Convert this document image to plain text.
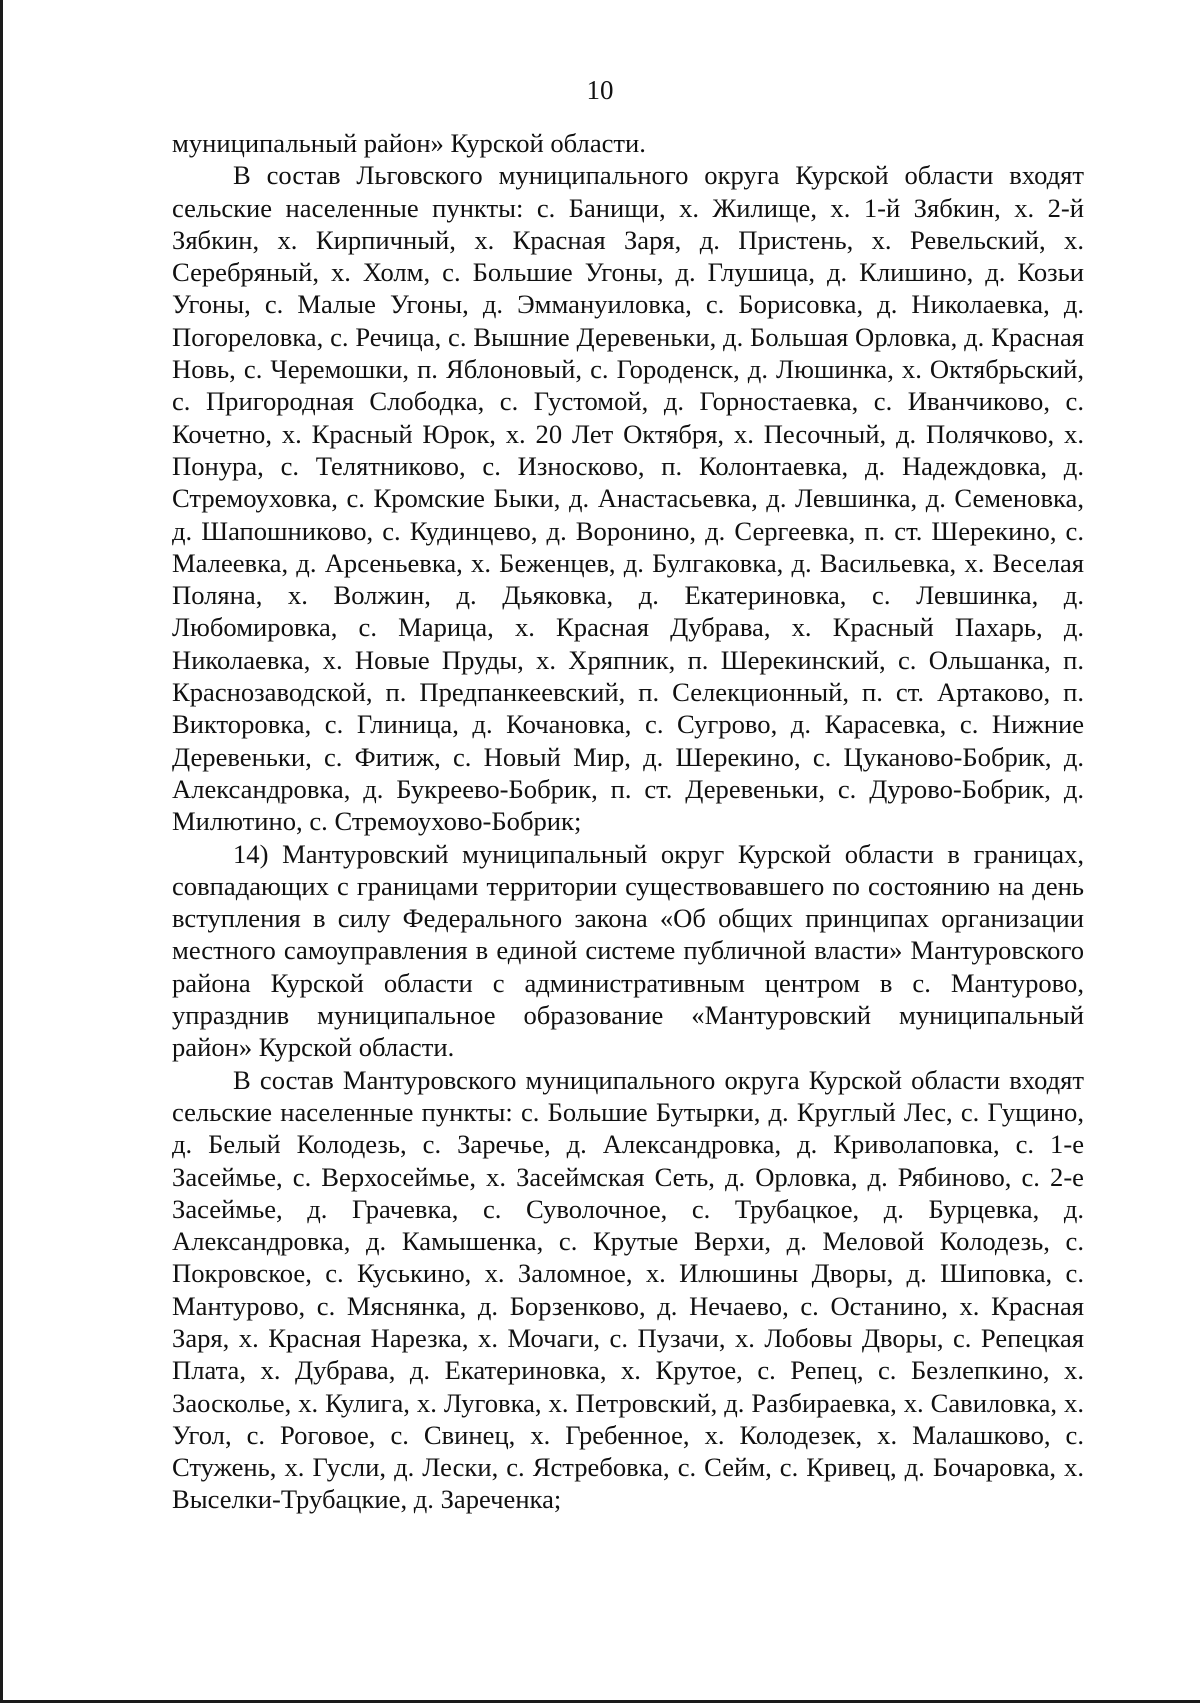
10

муниципальный район» Курской области.

В состав Льговского муниципального округа Курской области входят сельские населенные пункты: с. Банищи, х. Жилище, х. 1-й Зябкин, х. 2-й Зябкин, х. Кирпичный, х. Красная Заря, д. Пристень, х. Ревельский, х. Серебряный, х. Холм, с. Большие Угоны, д. Глушица, д. Клишино, д. Козьи Угоны, с. Малые Угоны, д. Эммануиловка, с. Борисовка, д. Николаевка, д. Погореловка, с. Речица, с. Вышние Деревеньки, д. Большая Орловка, д. Красная Новь, с. Черемошки, п. Яблоновый, с. Городенск, д. Люшинка, х. Октябрьский, с. Пригородная Слободка, с. Густомой, д. Горностаевка, с. Иванчиково, с. Кочетно, х. Красный Юрок, х. 20 Лет Октября, х. Песочный, д. Полячково, х. Понура, с. Телятниково, с. Износково, п. Колонтаевка, д. Надеждовка, д. Стремоуховка, с. Кромские Быки, д. Анастасьевка, д. Левшинка, д. Семеновка, д. Шапошниково, с. Кудинцево, д. Воронино, д. Сергеевка, п. ст. Шерекино, с. Малеевка, д. Арсеньевка, х. Беженцев, д. Булгаковка, д. Васильевка, х. Веселая Поляна, х. Волжин, д. Дьяковка, д. Екатериновка, с. Левшинка, д. Любомировка, с. Марица, х. Красная Дубрава, х. Красный Пахарь, д. Николаевка, х. Новые Пруды, х. Хряпник, п. Шерекинский, с. Ольшанка, п. Краснозаводской, п. Предпанкеевский, п. Селекционный, п. ст. Артаково, п. Викторовка, с. Глиница, д. Кочановка, с. Сугрово, д. Карасевка, с. Нижние Деревеньки, с. Фитиж, с. Новый Мир, д. Шерекино, с. Цуканово-Бобрик, д. Александровка, д. Букреево-Бобрик, п. ст. Деревеньки, с. Дурово-Бобрик, д. Милютино, с. Стремоухово-Бобрик;

14) Мантуровский муниципальный округ Курской области в границах, совпадающих с границами территории существовавшего по состоянию на день вступления в силу Федерального закона «Об общих принципах организации местного самоуправления в единой системе публичной власти» Мантуровского района Курской области с административным центром в с. Мантурово, упразднив муниципальное образование «Мантуровский муниципальный район» Курской области.

В состав Мантуровского муниципального округа Курской области входят сельские населенные пункты: с. Большие Бутырки, д. Круглый Лес, с. Гущино, д. Белый Колодезь, с. Заречье, д. Александровка, д. Криволаповка, с. 1-е Засеймье, с. Верхосеймье, х. Засеймская Сеть, д. Орловка, д. Рябиново, с. 2-е Засеймье, д. Грачевка, с. Суволочное, с. Трубацкое, д. Бурцевка, д. Александровка, д. Камышенка, с. Крутые Верхи, д. Меловой Колодезь, с. Покровское, с. Куськино, х. Заломное, х. Илюшины Дворы, д. Шиповка, с. Мантурово, с. Мяснянка, д. Борзенково, д. Нечаево, с. Останино, х. Красная Заря, х. Красная Нарезка, х. Мочаги, с. Пузачи, х. Лобовы Дворы, с. Репецкая Плата, х. Дубрава, д. Екатериновка, х. Крутое, с. Репец, с. Безлепкино, х. Заосколье, х. Кулига, х. Луговка, х. Петровский, д. Разбираевка, х. Савиловка, х. Угол, с. Роговое, с. Свинец, х. Гребенное, х. Колодезек, х. Малашково, с. Стужень, х. Гусли, д. Лески, с. Ястребовка, с. Сейм, с. Кривец, д. Бочаровка, х. Выселки-Трубацкие, д. Зареченка;
